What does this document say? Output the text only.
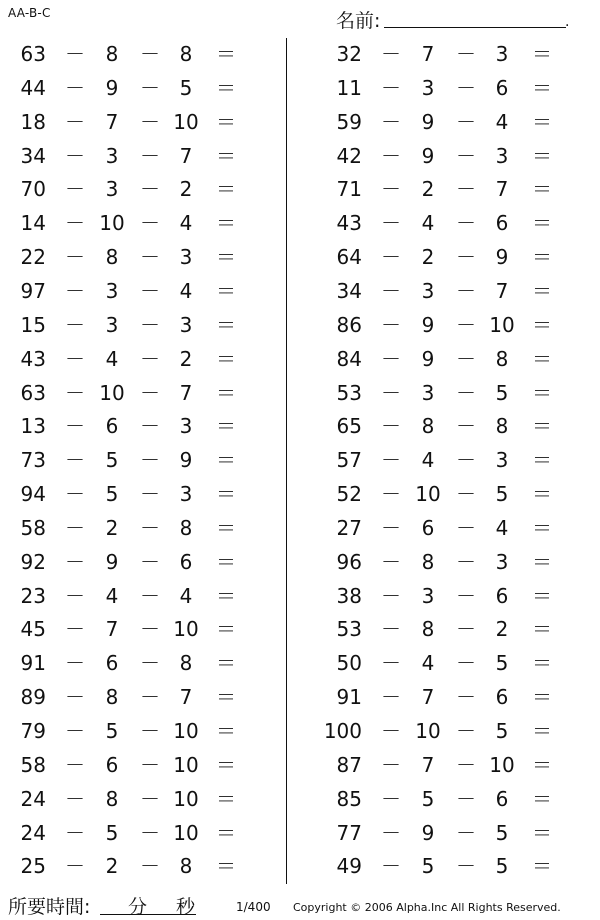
AA-B-C	名前:	.
63 －	8	－ 8	＝
44 －	9	－ 5	＝
18 －	7	－ 10 ＝
34 －	3	－ 7	＝
70 －	3	－ 2	＝
14 － 10 － 4	＝
22 －	8	－ 3	＝
97 －	3	－ 4	＝
15 －	3	－ 3	＝
43 －	4	－ 2	＝
63 － 10 － 7	＝
13 －	6	－ 3	＝
73 －	5	－ 9	＝
94 －	5	－ 3	＝
58 －	2	－ 8	＝
92 －	9	－ 6	＝
23 －	4	－ 4	＝
45 －	7	－ 10 ＝
91 －	6	－ 8	＝
89 －	8	－ 7	＝
79 －	5	－ 10 ＝
58 －	6	－ 10 ＝
24 －	8	－ 10 ＝
24 －	5	－ 10 ＝
25 －	2	－ 8	＝
32 －	7	－ 3	＝
11 －	3	－ 6	＝
59 －	9	－ 4	＝
42 －	9	－ 3	＝
71 －	2	－ 7	＝
43 －	4	－ 6	＝
64 －	2	－ 9	＝
34 －	3	－ 7	＝
86 －	9	－ 10 ＝
84 －	9	－ 8	＝
53 －	3	－ 5	＝
65 －	8	－ 8	＝
57 －	4	－ 3	＝
52 － 10 － 5	＝
27 －	6	－ 4	＝
96 －	8	－ 3	＝
38 －	3	－ 6	＝
53 －	8	－ 2	＝
50 －	4	－ 5	＝
91 －	7	－ 6	＝
100 － 10 － 5	＝
87 －	7	－ 10 ＝
85 －	5	－ 6	＝
77 －	9	－ 5	＝
49 －	5	－ 5	＝
所要時間: 分 秒	1/400 Copyright © 2006 Alpha.Inc All Rights Reserved.
